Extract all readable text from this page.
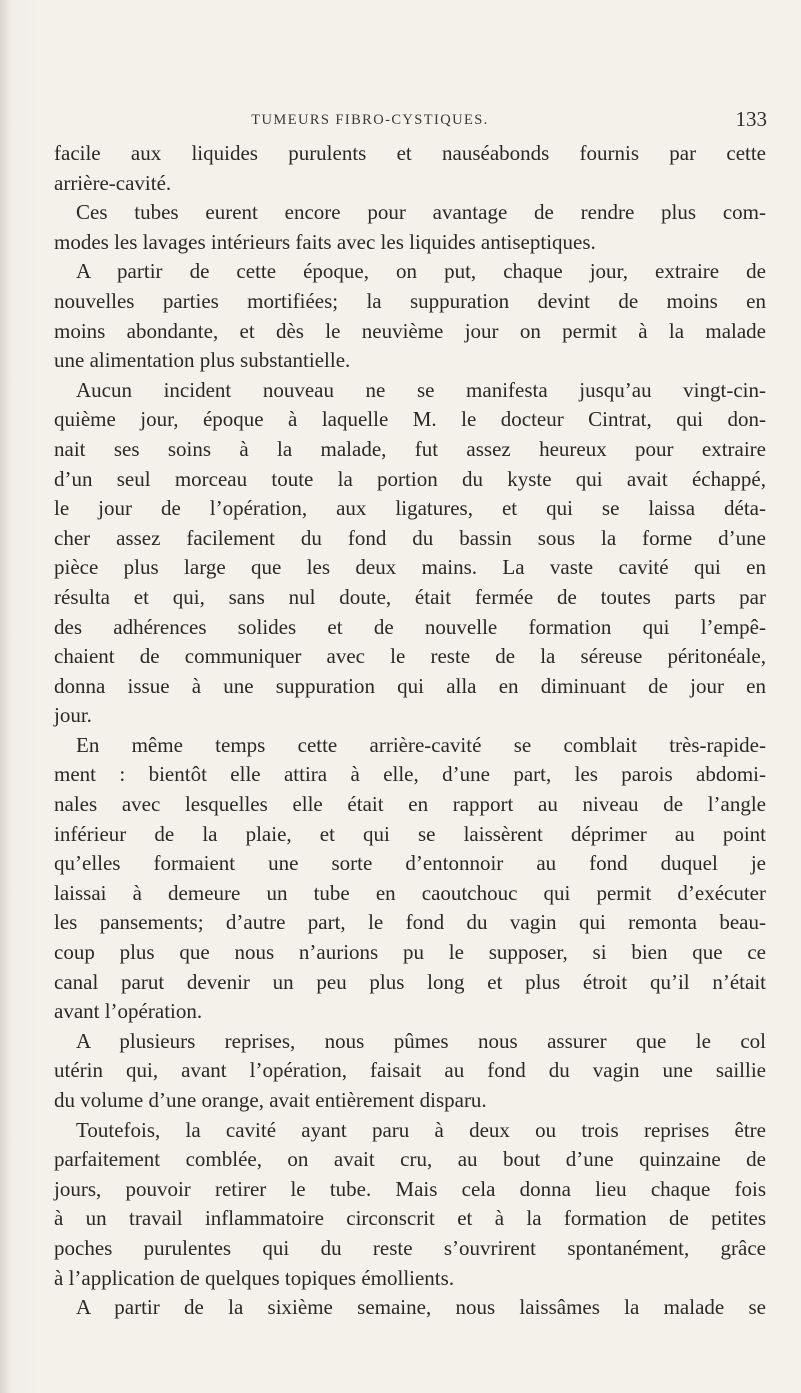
TUMEURS FIBRO-CYSTIQUES.	133
facile aux liquides purulents et nauséabonds fournis par cette
arrière-cavité.
Ces tubes eurent encore pour avantage de rendre plus com-
modes les lavages intérieurs faits avec les liquides antiseptiques.
A partir de cette époque, on put, chaque jour, extraire de
nouvelles parties mortifiées; la suppuration devint de moins en
moins abondante, et dès le neuvième jour on permit à la malade
une alimentation plus substantielle.
Aucun incident nouveau ne se manifesta jusqu’au vingt-cin-
quième jour, époque à laquelle M. le docteur Cintrat, qui don-
nait ses soins à la malade, fut assez heureux pour extraire
d’un seul morceau toute la portion du kyste qui avait échappé,
le jour de l’opération, aux ligatures, et qui se laissa déta-
cher assez facilement du fond du bassin sous la forme d’une
pièce plus large que les deux mains. La vaste cavité qui en
résulta et qui, sans nul doute, était fermée de toutes parts par
des adhérences solides et de nouvelle formation qui l’empê-
chaient de communiquer avec le reste de la séreuse péritonéale,
donna issue à une suppuration qui alla en diminuant de jour en
jour.
En même temps cette arrière-cavité se comblait très-rapide-
ment : bientôt elle attira à elle, d’une part, les parois abdomi-
nales avec lesquelles elle était en rapport au niveau de l’angle
inférieur de la plaie, et qui se laissèrent déprimer au point
qu’elles formaient une sorte d’entonnoir au fond duquel je
laissai à demeure un tube en caoutchouc qui permit d’exécuter
les pansements; d’autre part, le fond du vagin qui remonta beau-
coup plus que nous n’aurions pu le supposer, si bien que ce
canal parut devenir un peu plus long et plus étroit qu’il n’était
avant l’opération.
A plusieurs reprises, nous pûmes nous assurer que le col
utérin qui, avant l’opération, faisait au fond du vagin une saillie
du volume d’une orange, avait entièrement disparu.
Toutefois, la cavité ayant paru à deux ou trois reprises être
parfaitement comblée, on avait cru, au bout d’une quinzaine de
jours, pouvoir retirer le tube. Mais cela donna lieu chaque fois
à un travail inflammatoire circonscrit et à la formation de petites
poches purulentes qui du reste s’ouvrirent spontanément, grâce
à l’application de quelques topiques émollients.
A partir de la sixième semaine, nous laissâmes la malade se
